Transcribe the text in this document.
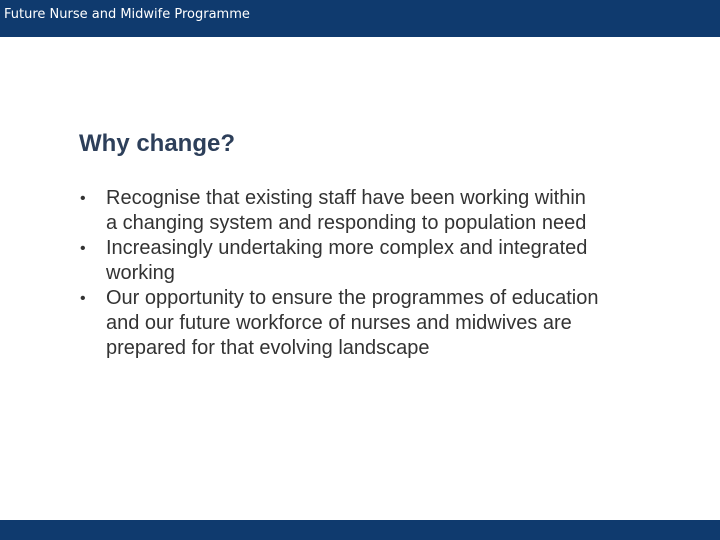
Future Nurse and Midwife Programme
Why change?
• Recognise that existing staff have been working within a changing system and responding to population need
• Increasingly undertaking more complex and integrated working
• Our opportunity to ensure the programmes of education and our future workforce of nurses and midwives are prepared for that evolving landscape
